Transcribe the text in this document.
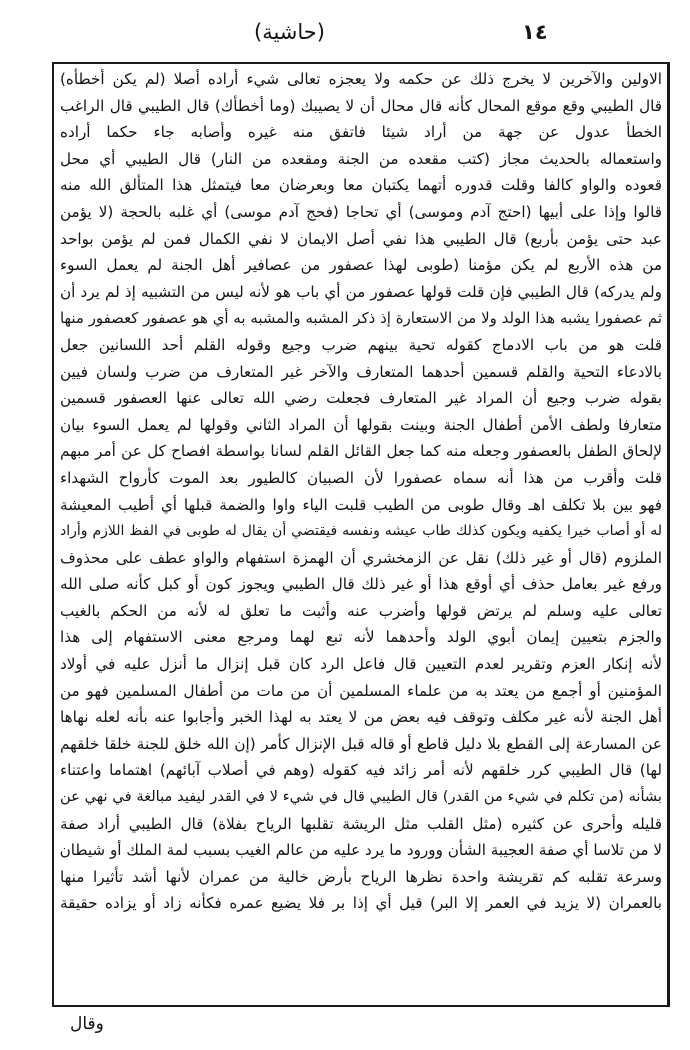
١٤
(حاشية)
الاولين والآخرين لا يخرج ذلك عن حكمه ولا يعجزه تعالى شيء أراده أصلا (لم يكن أخطأه)
قال الطيبي وقع موقع المحال كأنه قال محال أن لا يصيبك (وما أخطأك) قال الطيبي قال الراغب
الخطأ عدول عن جهة من أراد شيئا فاتفق منه غيره وأصابه جاء حكما أراده
واستعماله بالحديث مجاز (كتب مقعده من الجنة ومقعده من النار) قال الطيبي أي محل
قعوده والواو كالفا وقلت قدوره أتهما يكتبان معا وبعرضان معا فيتمثل هذا المتألق الله منه
قالوا وإذا على أبيها (احتج آدم وموسى) أي تحاجا (فحج آدم موسى) أي غلبه بالحجة (لا يؤمن
عبد حتى يؤمن بأربع) قال الطيبي هذا نفي أصل الايمان لا نفي الكمال فمن لم يؤمن بواحد
من هذه الأربع لم يكن مؤمنا (طوبى لهذا عصفور من عصافير أهل الجنة لم يعمل السوء
ولم يدركه) قال الطيبي فإن قلت قولها عصفور من أي باب هو لأنه ليس من التشبيه إذ لم يرد أن
ثم عصفورا يشبه هذا الولد ولا من الاستعارة إذ ذكر المشبه والمشبه به أي هو عصفور كعصفور منها
قلت هو من باب الادماج كقوله تحية بينهم ضرب وجيع وقوله القلم أحد اللسانين جعل
بالادعاء التحية والقلم قسمين أحدهما المتعارف والآخر غير المتعارف من ضرب ولسان فيين
بقوله ضرب وجيع أن المراد غير المتعارف فجعلت رضي الله تعالى عنها العصفور قسمين
متعارفا ولطف الأمن أطفال الجنة وبينت بقولها أن المراد الثاني وقولها لم يعمل السوء بيان
لإلحاق الطفل بالعصفور وجعله منه كما جعل القائل القلم لسانا بواسطة افصاح كل عن أمر مبهم
قلت وأقرب من هذا أنه سماه عصفورا لأن الصبيان كالطيور بعد الموت كأرواح الشهداء
فهو بين بلا تكلف اهـ وقال طوبى من الطيب قلبت الياء واوا والضمة قبلها أي أطيب المعيشة
له أو أصاب خيرا يكفيه ويكون كذلك طاب عيشه ونفسه فيقتضي أن يقال له طوبى في الفظ اللازم وأراد
الملزوم (قال أو غير ذلك) نقل عن الزمخشري أن الهمزة استفهام والواو عطف على محذوف
ورفع غير بعامل حذف أي أوقع هذا أو غير ذلك قال الطيبي ويجوز كون أو كبل كأنه صلى الله
تعالى عليه وسلم لم يرتض قولها وأضرب عنه وأثبت ما تعلق له لأنه من الحكم بالغيب
والجزم بتعيين إيمان أبوي الولد وأحدهما لأنه تبع لهما ومرجع معنى الاستفهام إلى هذا
لأنه إنكار العزم وتقرير لعدم التعيين قال فاعل الرد كان قبل إنزال ما أنزل عليه في أولاد
المؤمنين أو أجمع من يعتد به من علماء المسلمين أن من مات من أطفال المسلمين فهو من
أهل الجنة لأنه غير مكلف وتوقف فيه بعض من لا يعتد به لهذا الخبر وأجابوا عنه بأنه لعله نهاها
عن المسارعة إلى القطع بلا دليل قاطع أو قاله قبل الإنزال كأمر (إن الله خلق للجنة خلقا خلقهم
لها) قال الطيبي كرر خلقهم لأنه أمر زائد فيه كقوله (وهم في أصلاب آبائهم) اهتماما واعتناء
بشأنه (من تكلم في شيء من القدر) قال الطيبي قال في شيء لا في القدر ليفيد مبالغة في نهي عن
قليله وأحرى عن كثيره (مثل القلب مثل الريشة تقلبها الرياح بفلاة) قال الطيبي أراد صفة
لا من تلاسا أي صفة العجيبة الشأن وورود ما يرد عليه من عالم الغيب بسبب لمة الملك أو شيطان
وسرعة تقلبه كم تقريشة واحدة نظرها الرياح بأرض خالية من عمران لأنها أشد تأثيرا منها
بالعمران (لا يزيد في العمر إلا البر) قيل أي إذا بر فلا يضيع عمره فكأنه زاد أو يزاده حقيقة
وقال
